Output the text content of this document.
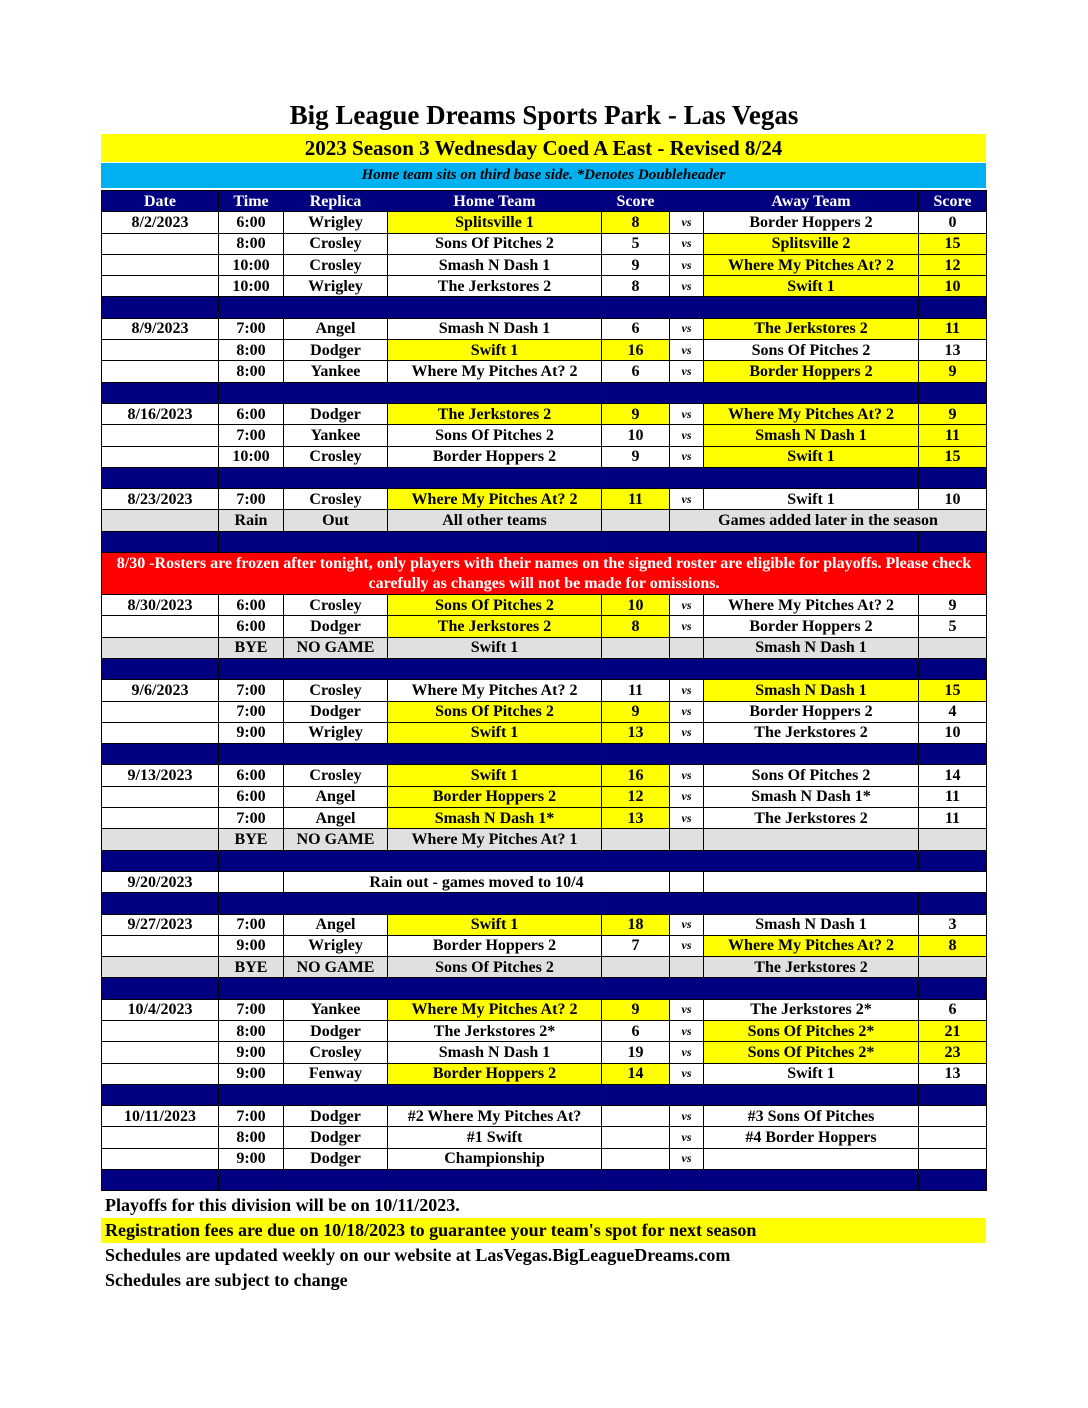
Big League Dreams Sports Park - Las Vegas
2023 Season 3 Wednesday Coed A East - Revised 8/24
Home team sits on third base side. *Denotes Doubleheader
Date	Time	Replica	Home Team	Score		Away Team	Score
8/2/2023	6:00	Wrigley	Splitsville 1	8	vs	Border Hoppers 2	0
	8:00	Crosley	Sons Of Pitches 2	5	vs	Splitsville 2	15
	10:00	Crosley	Smash N Dash 1	9	vs	Where My Pitches At? 2	12
	10:00	Wrigley	The Jerkstores 2	8	vs	Swift 1	10

8/9/2023	7:00	Angel	Smash N Dash 1	6	vs	The Jerkstores 2	11
	8:00	Dodger	Swift 1	16	vs	Sons Of Pitches 2	13
	8:00	Yankee	Where My Pitches At? 2	6	vs	Border Hoppers 2	9

8/16/2023	6:00	Dodger	The Jerkstores 2	9	vs	Where My Pitches At? 2	9
	7:00	Yankee	Sons Of Pitches 2	10	vs	Smash N Dash 1	11
	10:00	Crosley	Border Hoppers 2	9	vs	Swift 1	15

8/23/2023	7:00	Crosley	Where My Pitches At? 2	11	vs	Swift 1	10
	Rain	Out	All other teams		Games added later in the season		

8/30 -Rosters are frozen after tonight, only players with their names on the signed roster are eligible for playoffs. Please check carefully as changes will not be made for omissions.							
8/30/2023	6:00	Crosley	Sons Of Pitches 2	10	vs	Where My Pitches At? 2	9
	6:00	Dodger	The Jerkstores 2	8	vs	Border Hoppers 2	5
	BYE	NO GAME	Swift 1			Smash N Dash 1	

9/6/2023	7:00	Crosley	Where My Pitches At? 2	11	vs	Smash N Dash 1	15
	7:00	Dodger	Sons Of Pitches 2	9	vs	Border Hoppers 2	4
	9:00	Wrigley	Swift 1	13	vs	The Jerkstores 2	10

9/13/2023	6:00	Crosley	Swift 1	16	vs	Sons Of Pitches 2	14
	6:00	Angel	Border Hoppers 2	12	vs	Smash N Dash 1*	11
	7:00	Angel	Smash N Dash 1*	13	vs	The Jerkstores 2	11
	BYE	NO GAME	Where My Pitches At? 1				

9/20/2023		Rain out - games moved to 10/4					

9/27/2023	7:00	Angel	Swift 1	18	vs	Smash N Dash 1	3
	9:00	Wrigley	Border Hoppers 2	7	vs	Where My Pitches At? 2	8
	BYE	NO GAME	Sons Of Pitches 2			The Jerkstores 2	

10/4/2023	7:00	Yankee	Where My Pitches At? 2	9	vs	The Jerkstores 2*	6
	8:00	Dodger	The Jerkstores 2*	6	vs	Sons Of Pitches 2*	21
	9:00	Crosley	Smash N Dash 1	19	vs	Sons Of Pitches 2*	23
	9:00	Fenway	Border Hoppers 2	14	vs	Swift 1	13

10/11/2023	7:00	Dodger	#2 Where My Pitches At?		vs	#3 Sons Of Pitches	
	8:00	Dodger	#1 Swift		vs	#4 Border Hoppers	
	9:00	Dodger	Championship		vs		

Playoffs for this division will be on 10/11/2023.
Registration fees are due on 10/18/2023 to guarantee your team's spot for next season
Schedules are updated weekly on our website at LasVegas.BigLeagueDreams.com
Schedules are subject to change
